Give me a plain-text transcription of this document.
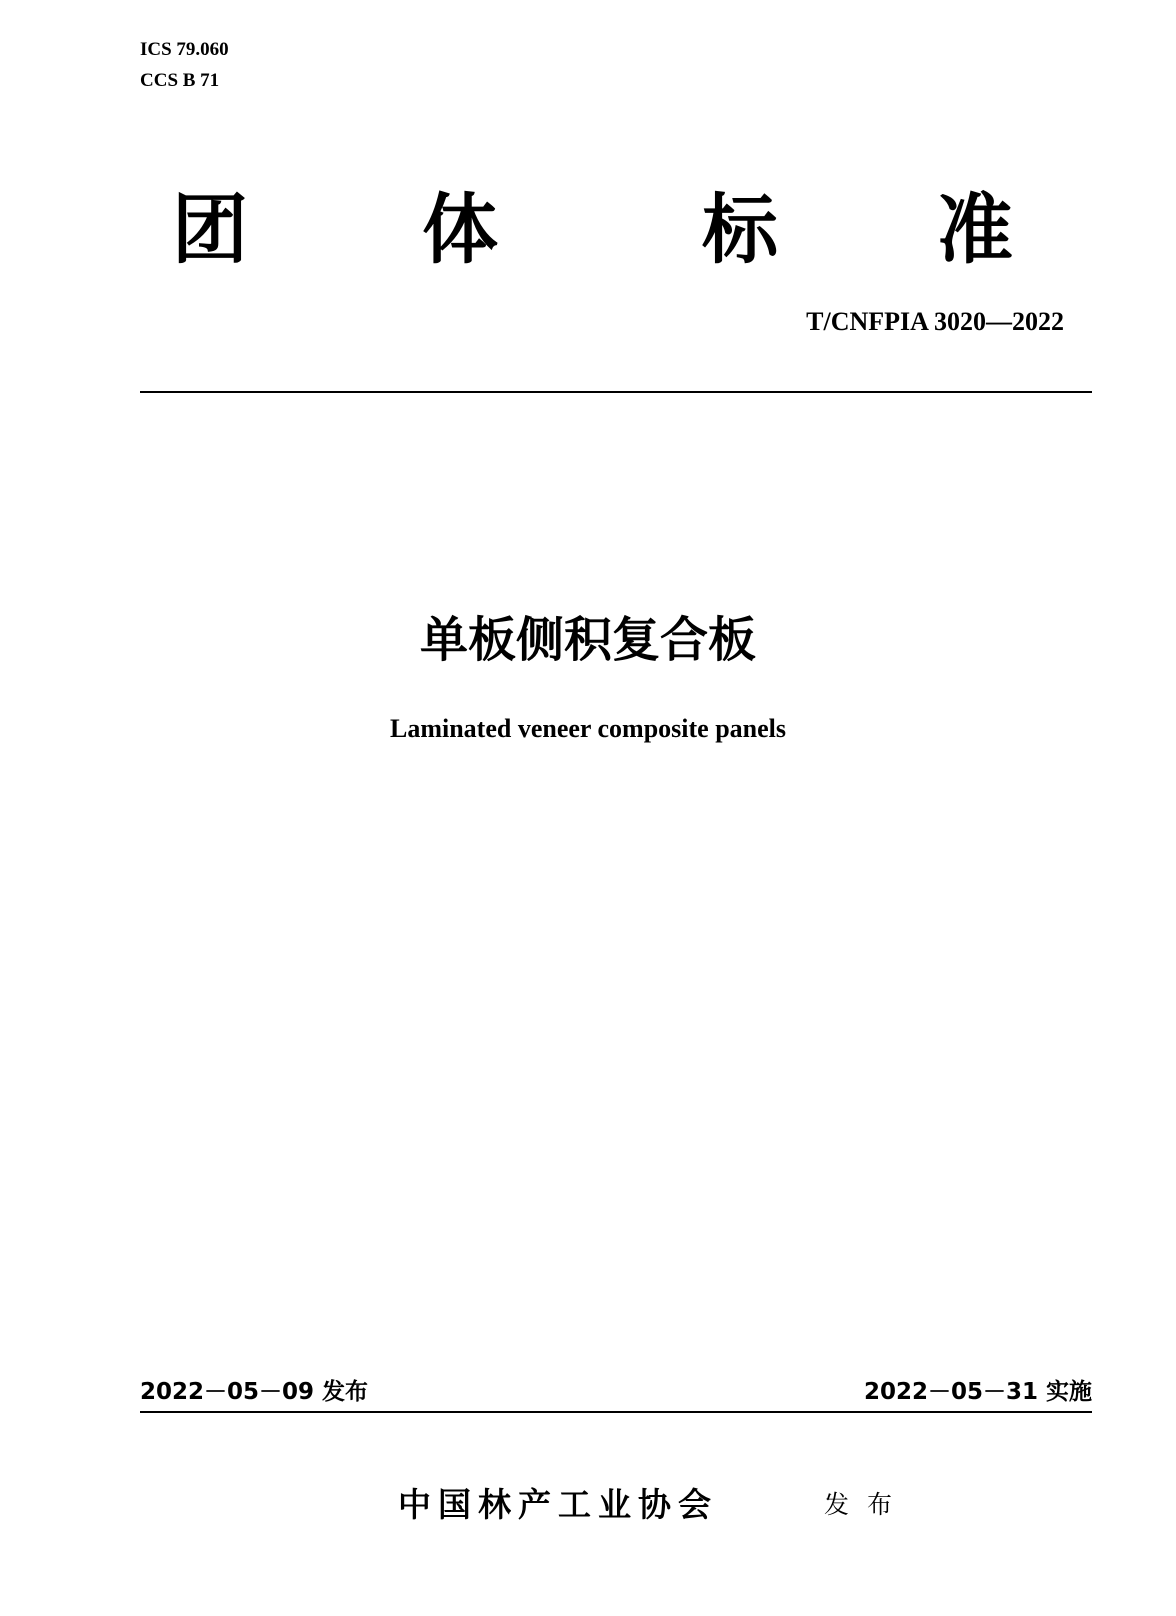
ICS 79.060
CCS B 71
团 体	标 准
T/CNFPIA 3020—2022
单板侧积复合板
Laminated veneer composite panels
2022－05－09 发布	2022－05－31 实施
中国林产工业协会	发布
